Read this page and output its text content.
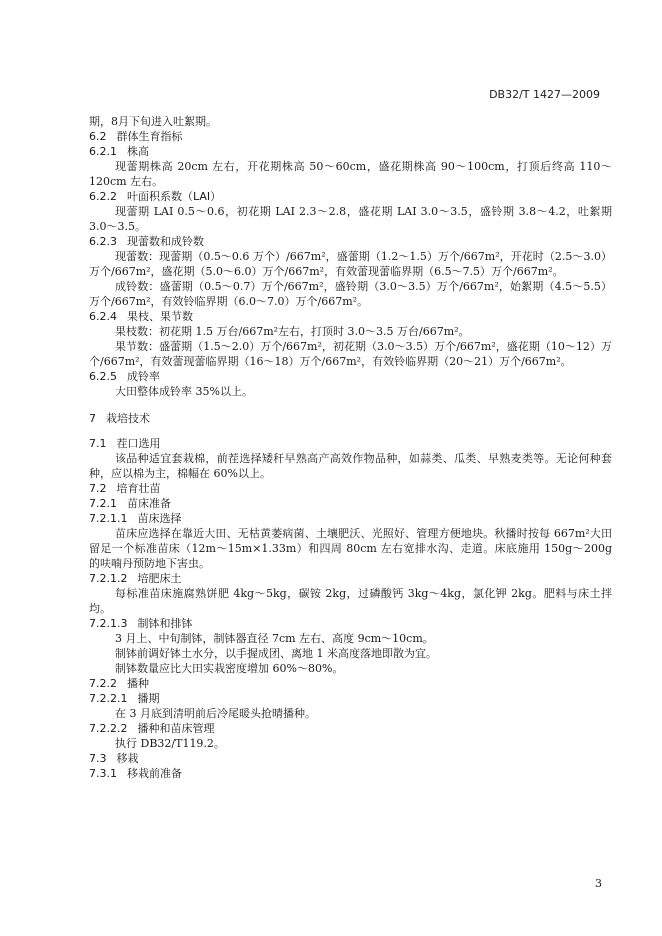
DB32/T 1427—2009

期，8月下旬进入吐絮期。

6.2 群体生育指标

6.2.1 株高

现蕾期株高 20cm 左右，开花期株高 50～60cm，盛花期株高 90～100cm，打顶后终高 110～120cm 左右。

6.2.2 叶面积系数（LAI）

现蕾期 LAI 0.5～0.6，初花期 LAI 2.3～2.8，盛花期 LAI 3.0～3.5，盛铃期 3.8～4.2，吐絮期 3.0～3.5。

6.2.3 现蕾数和成铃数

现蕾数：现蕾期（0.5～0.6 万个）/667m²，盛蕾期（1.2～1.5）万个/667m²，开花时（2.5～3.0）万个/667m²，盛花期（5.0～6.0）万个/667m²，有效蕾现蕾临界期（6.5～7.5）万个/667m²。

成铃数：盛蕾期（0.5～0.7）万个/667m²，盛铃期（3.0～3.5）万个/667m²，始絮期（4.5～5.5）万个/667m²，有效铃临界期（6.0～7.0）万个/667m²。

6.2.4 果枝、果节数

果枝数：初花期 1.5 万台/667m²左右，打顶时 3.0～3.5 万台/667m²。

果节数：盛蕾期（1.5～2.0）万个/667m²，初花期（3.0～3.5）万个/667m²，盛花期（10～12）万个/667m²，有效蕾现蕾临界期（16～18）万个/667m²，有效铃临界期（20～21）万个/667m²。

6.2.5 成铃率

大田整体成铃率 35%以上。

7 栽培技术

7.1 茬口选用

该品种适宜套栽棉，前茬选择矮秆早熟高产高效作物品种，如蒜类、瓜类、早熟麦类等。无论何种套种，应以棉为主，棉幅在 60%以上。

7.2 培育壮苗

7.2.1 苗床准备

7.2.1.1 苗床选择

苗床应选择在靠近大田、无枯黄萎病菌、土壤肥沃、光照好、管理方便地块。秋播时按每 667m²大田留足一个标准苗床（12m～15m×1.33m）和四周 80cm 左右宽排水沟、走道。床底施用 150g～200g 的呋喃丹预防地下害虫。

7.2.1.2 培肥床土

每标准苗床施腐熟饼肥 4kg～5kg，碳铵 2kg，过磷酸钙 3kg～4kg，氯化钾 2kg。肥料与床土拌均。

7.2.1.3 制钵和排钵

3 月上、中旬制钵，制钵器直径 7cm 左右、高度 9cm～10cm。

制钵前调好钵土水分，以手握成团、离地 1 米高度落地即散为宜。

制钵数量应比大田实栽密度增加 60%～80%。

7.2.2 播种

7.2.2.1 播期

在 3 月底到清明前后冷尾暖头抢晴播种。

7.2.2.2 播种和苗床管理

执行 DB32/T119.2。

7.3 移栽

7.3.1 移栽前准备

3
